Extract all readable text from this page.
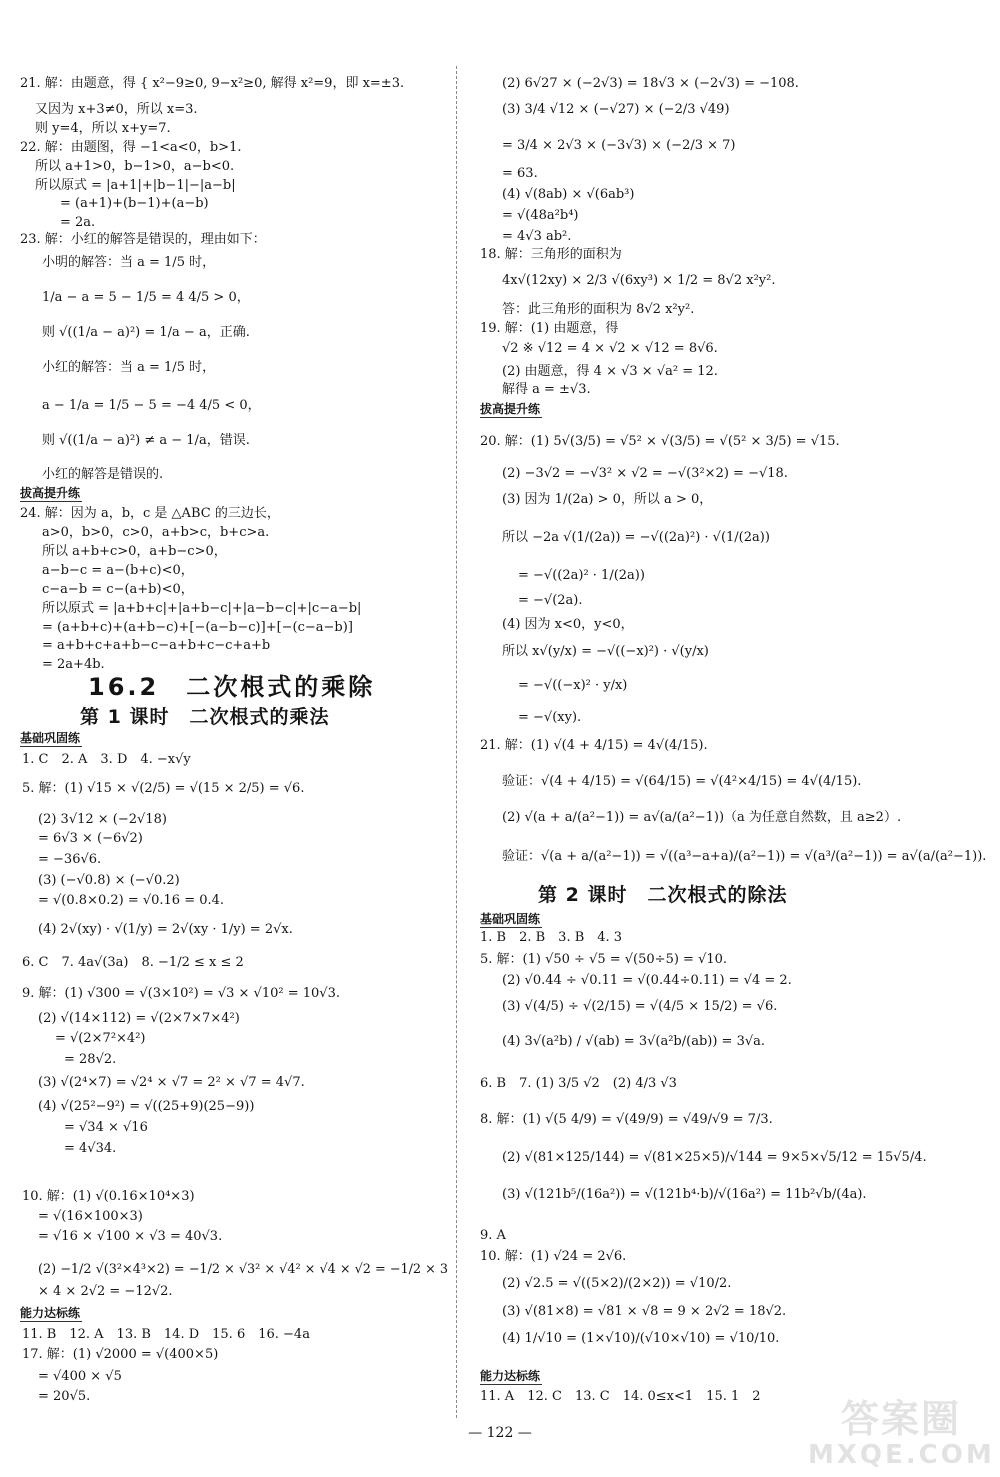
21. 解：由题意，得 { x²−9≥0, 9−x²≥0, 解得 x²=9，即 x=±3.
又因为 x+3≠0，所以 x=3.
则 y=4，所以 x+y=7.
22. 解：由题图，得 −1<a<0，b>1.
所以 a+1>0，b−1>0，a−b<0.
所以原式 = |a+1|+|b−1|−|a−b|
= (a+1)+(b−1)+(a−b)
= 2a.
23. 解：小红的解答是错误的，理由如下：
小明的解答：当 a = 1/5 时，
1/a − a = 5 − 1/5 = 4 4/5 > 0，
则 √((1/a − a)²) = 1/a − a，正确.
小红的解答：当 a = 1/5 时，
a − 1/a = 1/5 − 5 = −4 4/5 < 0，
则 √((1/a − a)²) ≠ a − 1/a，错误.
小红的解答是错误的.
拔高提升练
24. 解：因为 a，b，c 是 △ABC 的三边长，
a>0，b>0，c>0，a+b>c，b+c>a.
所以 a+b+c>0，a+b−c>0，
a−b−c = a−(b+c)<0，
c−a−b = c−(a+b)<0，
所以原式 = |a+b+c|+|a+b−c|+|a−b−c|+|c−a−b|
= (a+b+c)+(a+b−c)+[−(a−b−c)]+[−(c−a−b)]
= a+b+c+a+b−c−a+b+c−c+a+b
= 2a+4b.
16.2　二次根式的乘除
第 1 课时　二次根式的乘法
基础巩固练
1. C　2. A　3. D　4. −x√y
5. 解：(1) √15 × √(2/5) = √(15 × 2/5) = √6.
(2) 3√12 × (−2√18)
= 6√3 × (−6√2)
= −36√6.
(3) (−√0.8) × (−√0.2)
= √(0.8×0.2) = √0.16 = 0.4.
(4) 2√(xy) · √(1/y) = 2√(xy · 1/y) = 2√x.
6. C　7. 4a√(3a)　8. −1/2 ≤ x ≤ 2
9. 解：(1) √300 = √(3×10²) = √3 × √10² = 10√3.
(2) √(14×112) = √(2×7×7×4²)
= √(2×7²×4²)
= 28√2.
(3) √(2⁴×7) = √2⁴ × √7 = 2² × √7 = 4√7.
(4) √(25²−9²) = √((25+9)(25−9))
= √34 × √16
= 4√34.
10. 解：(1) √(0.16×10⁴×3)
= √(16×100×3)
= √16 × √100 × √3 = 40√3.
(2) −1/2 √(3²×4³×2) = −1/2 × √3² × √4² × √4 × √2 = −1/2 × 3
× 4 × 2√2 = −12√2.
能力达标练
11. B　12. A　13. B　14. D　15. 6　16. −4a
17. 解：(1) √2000 = √(400×5)
= √400 × √5
= 20√5.
(2) 6√27 × (−2√3) = 18√3 × (−2√3) = −108.
(3) 3/4 √12 × (−√27) × (−2/3 √49)
= 3/4 × 2√3 × (−3√3) × (−2/3 × 7)
= 63.
(4) √(8ab) × √(6ab³)
= √(48a²b⁴)
= 4√3 ab².
18. 解：三角形的面积为
4x√(12xy) × 2/3 √(6xy³) × 1/2 = 8√2 x²y².
答：此三角形的面积为 8√2 x²y².
19. 解：(1) 由题意，得
√2 ※ √12 = 4 × √2 × √12 = 8√6.
(2) 由题意，得 4 × √3 × √a² = 12.
解得 a = ±√3.
拔高提升练
20. 解：(1) 5√(3/5) = √5² × √(3/5) = √(5² × 3/5) = √15.
(2) −3√2 = −√3² × √2 = −√(3²×2) = −√18.
(3) 因为 1/(2a) > 0，所以 a > 0，
所以 −2a √(1/(2a)) = −√((2a)²) · √(1/(2a))
= −√((2a)² · 1/(2a))
= −√(2a).
(4) 因为 x<0，y<0，
所以 x√(y/x) = −√((−x)²) · √(y/x)
= −√((−x)² · y/x)
= −√(xy).
21. 解：(1) √(4 + 4/15) = 4√(4/15).
验证：√(4 + 4/15) = √(64/15) = √(4²×4/15) = 4√(4/15).
(2) √(a + a/(a²−1)) = a√(a/(a²−1))（a 为任意自然数，且 a≥2）.
验证：√(a + a/(a²−1)) = √((a³−a+a)/(a²−1)) = √(a³/(a²−1)) = a√(a/(a²−1)).
第 2 课时　二次根式的除法
基础巩固练
1. B　2. B　3. B　4. 3
5. 解：(1) √50 ÷ √5 = √(50÷5) = √10.
(2) √0.44 ÷ √0.11 = √(0.44÷0.11) = √4 = 2.
(3) √(4/5) ÷ √(2/15) = √(4/5 × 15/2) = √6.
(4) 3√(a²b) / √(ab) = 3√(a²b/(ab)) = 3√a.
6. B　7. (1) 3/5 √2　(2) 4/3 √3
8. 解：(1) √(5 4/9) = √(49/9) = √49/√9 = 7/3.
(2) √(81×125/144) = √(81×25×5)/√144 = 9×5×√5/12 = 15√5/4.
(3) √(121b⁵/(16a²)) = √(121b⁴·b)/√(16a²) = 11b²√b/(4a).
9. A
10. 解：(1) √24 = 2√6.
(2) √2.5 = √((5×2)/(2×2)) = √10/2.
(3) √(81×8) = √81 × √8 = 9 × 2√2 = 18√2.
(4) 1/√10 = (1×√10)/(√10×√10) = √10/10.
能力达标练
11. A　12. C　13. C　14. 0≤x<1　15. 1　2
— 122 —	答案圈
MXQE.COM
